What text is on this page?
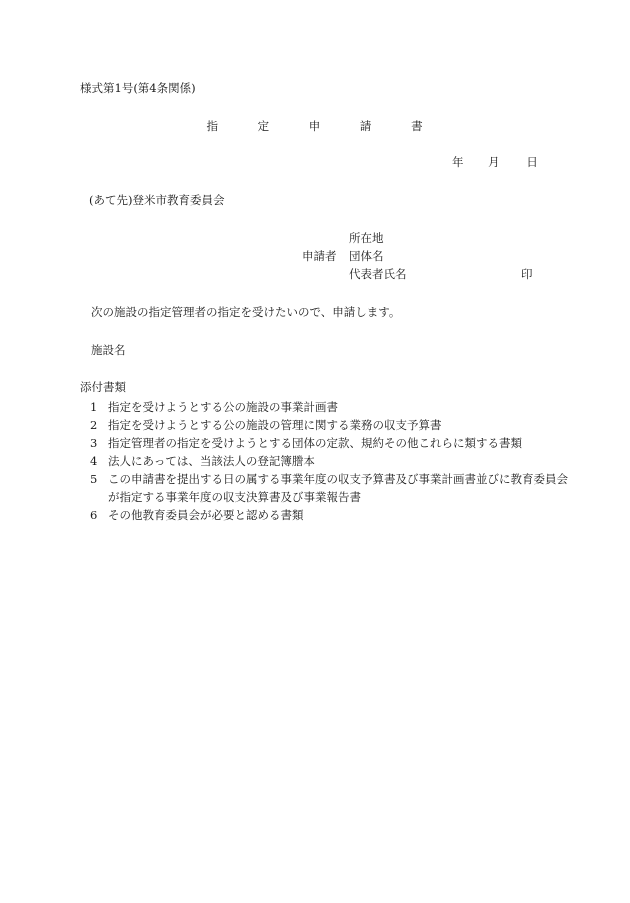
様式第1号(第4条関係)
指	定	申	請	書
年 月 日
(あて先)登米市教育委員会
所在地
申請者 団体名
代表者氏名	印
次の施設の指定管理者の指定を受けたいので、申請します。
施設名
添付書類
1 指定を受けようとする公の施設の事業計画書
2 指定を受けようとする公の施設の管理に関する業務の収支予算書
3 指定管理者の指定を受けようとする団体の定款、規約その他これらに類する書類
4 法人にあっては、当該法人の登記簿謄本
5 この申請書を提出する日の属する事業年度の収支予算書及び事業計画書並びに教育委員会が指定する事業年度の収支決算書及び事業報告書
6 その他教育委員会が必要と認める書類
